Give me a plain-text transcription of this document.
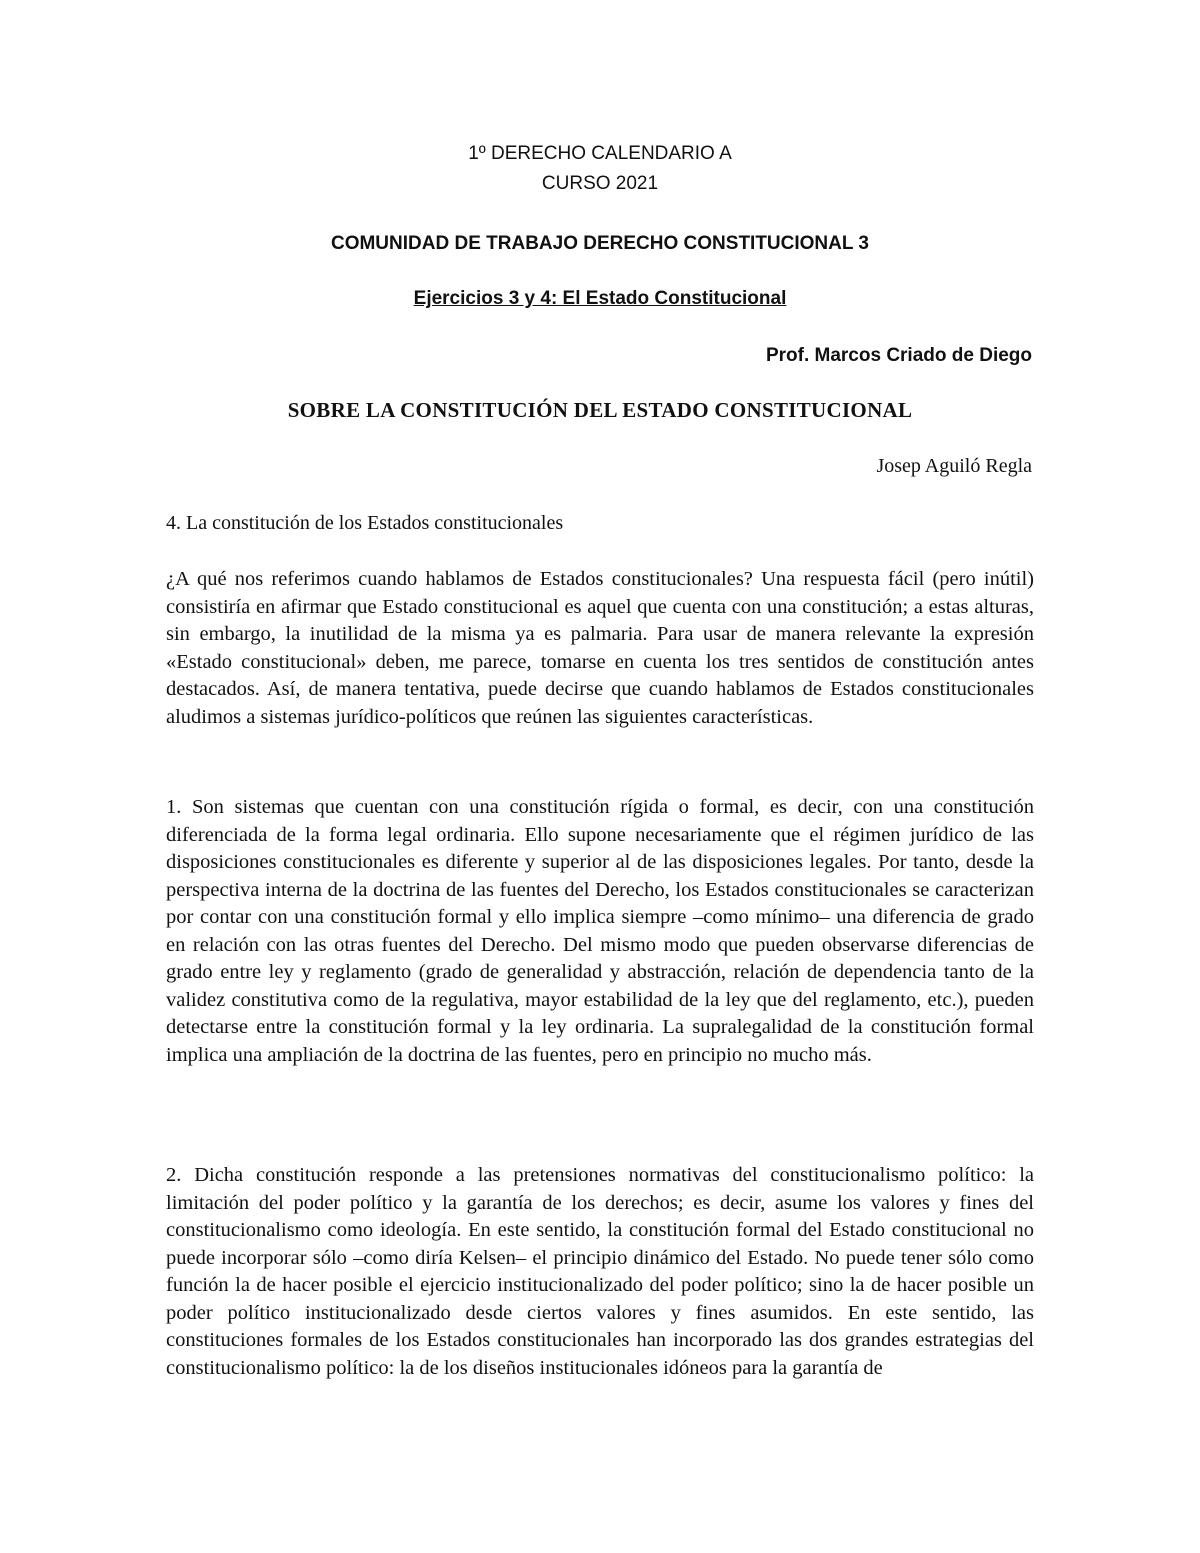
1º DERECHO CALENDARIO A
CURSO 2021
COMUNIDAD DE TRABAJO DERECHO CONSTITUCIONAL 3
Ejercicios 3 y 4: El Estado Constitucional
Prof. Marcos Criado de Diego
SOBRE LA CONSTITUCIÓN DEL ESTADO CONSTITUCIONAL
Josep Aguiló Regla
4. La constitución de los Estados constitucionales
¿A qué nos referimos cuando hablamos de Estados constitucionales? Una respuesta fácil (pero inútil) consistiría en afirmar que Estado constitucional es aquel que cuenta con una constitución; a estas alturas, sin embargo, la inutilidad de la misma ya es palmaria. Para usar de manera relevante la expresión «Estado constitucional» deben, me parece, tomarse en cuenta los tres sentidos de constitución antes destacados. Así, de manera tentativa, puede decirse que cuando hablamos de Estados constitucionales aludimos a sistemas jurídico-políticos que reúnen las siguientes características.
1. Son sistemas que cuentan con una constitución rígida o formal, es decir, con una constitución diferenciada de la forma legal ordinaria. Ello supone necesariamente que el régimen jurídico de las disposiciones constitucionales es diferente y superior al de las disposiciones legales. Por tanto, desde la perspectiva interna de la doctrina de las fuentes del Derecho, los Estados constitucionales se caracterizan por contar con una constitución formal y ello implica siempre –como mínimo– una diferencia de grado en relación con las otras fuentes del Derecho. Del mismo modo que pueden observarse diferencias de grado entre ley y reglamento (grado de generalidad y abstracción, relación de dependencia tanto de la validez constitutiva como de la regulativa, mayor estabilidad de la ley que del reglamento, etc.), pueden detectarse entre la constitución formal y la ley ordinaria. La supralegalidad de la constitución formal implica una ampliación de la doctrina de las fuentes, pero en principio no mucho más.
2. Dicha constitución responde a las pretensiones normativas del constitucionalismo político: la limitación del poder político y la garantía de los derechos; es decir, asume los valores y fines del constitucionalismo como ideología. En este sentido, la constitución formal del Estado constitucional no puede incorporar sólo –como diría Kelsen– el principio dinámico del Estado. No puede tener sólo como función la de hacer posible el ejercicio institucionalizado del poder político; sino la de hacer posible un poder político institucionalizado desde ciertos valores y fines asumidos. En este sentido, las constituciones formales de los Estados constitucionales han incorporado las dos grandes estrategias del constitucionalismo político: la de los diseños institucionales idóneos para la garantía de
